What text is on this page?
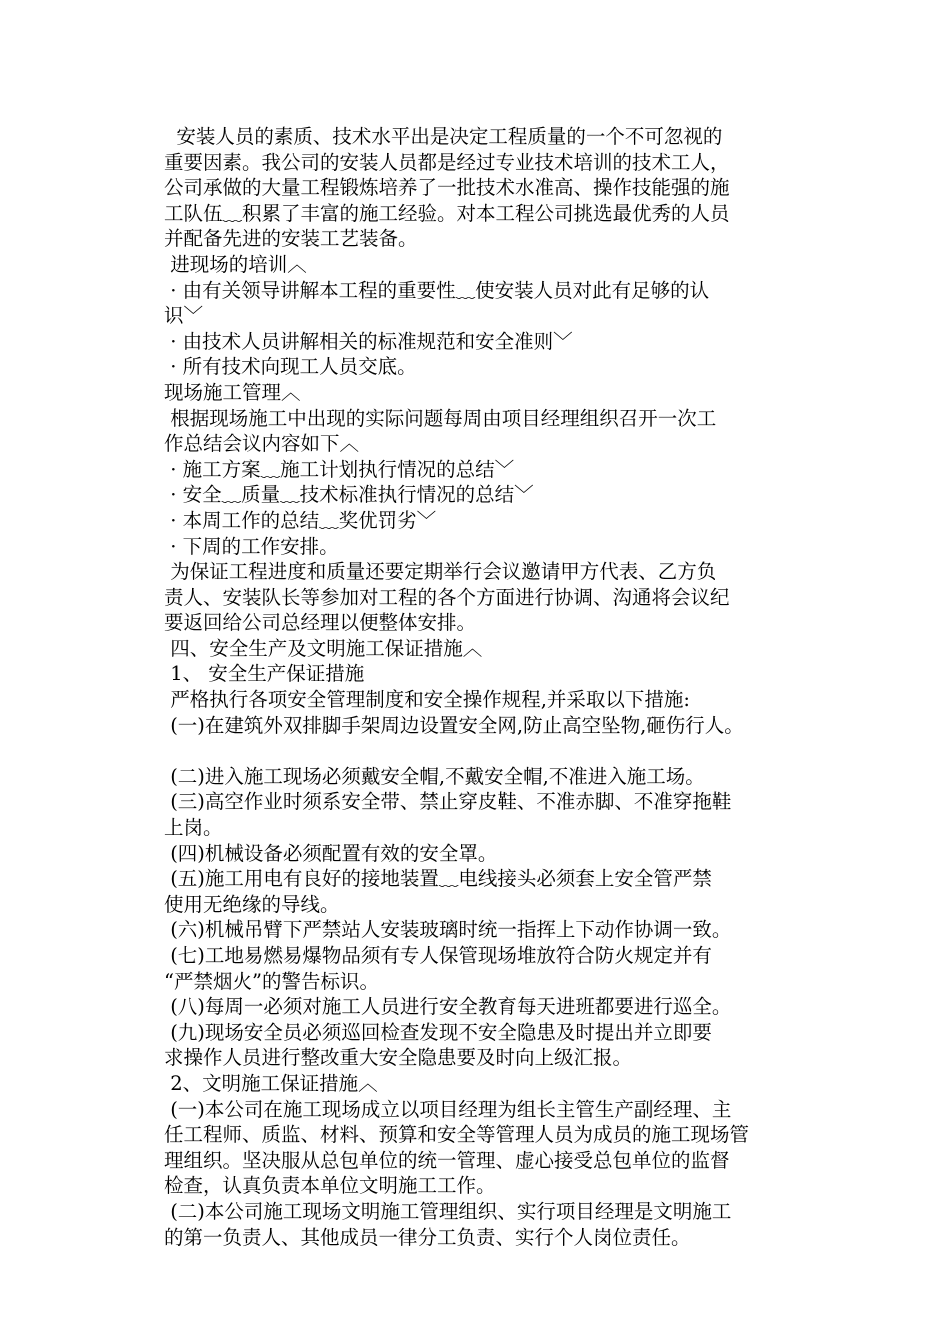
安装人员的素质、技术水平出是决定工程质量的一个不可忽视的
重要因素。我公司的安装人员都是经过专业技术培训的技术工人，
公司承做的大量工程锻炼培养了一批技术水准高、操作技能强的施
工队伍﹏积累了丰富的施工经验。对本工程公司挑选最优秀的人员
并配备先进的安装工艺装备。
进现场的培训︿
· 由有关领导讲解本工程的重要性﹏使安装人员对此有足够的认
识﹀
· 由技术人员讲解相关的标准规范和安全准则﹀
· 所有技术向现工人员交底。
现场施工管理︿
根据现场施工中出现的实际问题每周由项目经理组织召开一次工
作总结会议内容如下︿
· 施工方案﹏施工计划执行情况的总结﹀
· 安全﹏质量﹏技术标准执行情况的总结﹀
· 本周工作的总结﹏奖优罚劣﹀
· 下周的工作安排。
为保证工程进度和质量还要定期举行会议邀请甲方代表、乙方负
责人、安装队长等参加对工程的各个方面进行协调、沟通将会议纪
要返回给公司总经理以便整体安排。
四、安全生产及文明施工保证措施︿
1、 安全生产保证措施
严格执行各项安全管理制度和安全操作规程,并采取以下措施:
(一)在建筑外双排脚手架周边设置安全网,防止高空坠物,砸伤行人。
(二)进入施工现场必须戴安全帽,不戴安全帽,不准进入施工场。
(三)高空作业时须系安全带、禁止穿皮鞋、不准赤脚、不准穿拖鞋
上岗。
(四)机械设备必须配置有效的安全罩。
(五)施工用电有良好的接地装置﹏电线接头必须套上安全管严禁
使用无绝缘的导线。
(六)机械吊臂下严禁站人安装玻璃时统一指挥上下动作协调一致。
(七)工地易燃易爆物品须有专人保管现场堆放符合防火规定并有
“严禁烟火”的警告标识。
(八)每周一必须对施工人员进行安全教育每天进班都要进行巡全。
(九)现场安全员必须巡回检查发现不安全隐患及时提出并立即要
求操作人员进行整改重大安全隐患要及时向上级汇报。
2、文明施工保证措施︿
(一)本公司在施工现场成立以项目经理为组长主管生产副经理、主
任工程师、质监、材料、预算和安全等管理人员为成员的施工现场管
理组织。坚决服从总包单位的统一管理、虚心接受总包单位的监督
检查，认真负责本单位文明施工工作。
(二)本公司施工现场文明施工管理组织、实行项目经理是文明施工
的第一负责人、其他成员一律分工负责、实行个人岗位责任。
